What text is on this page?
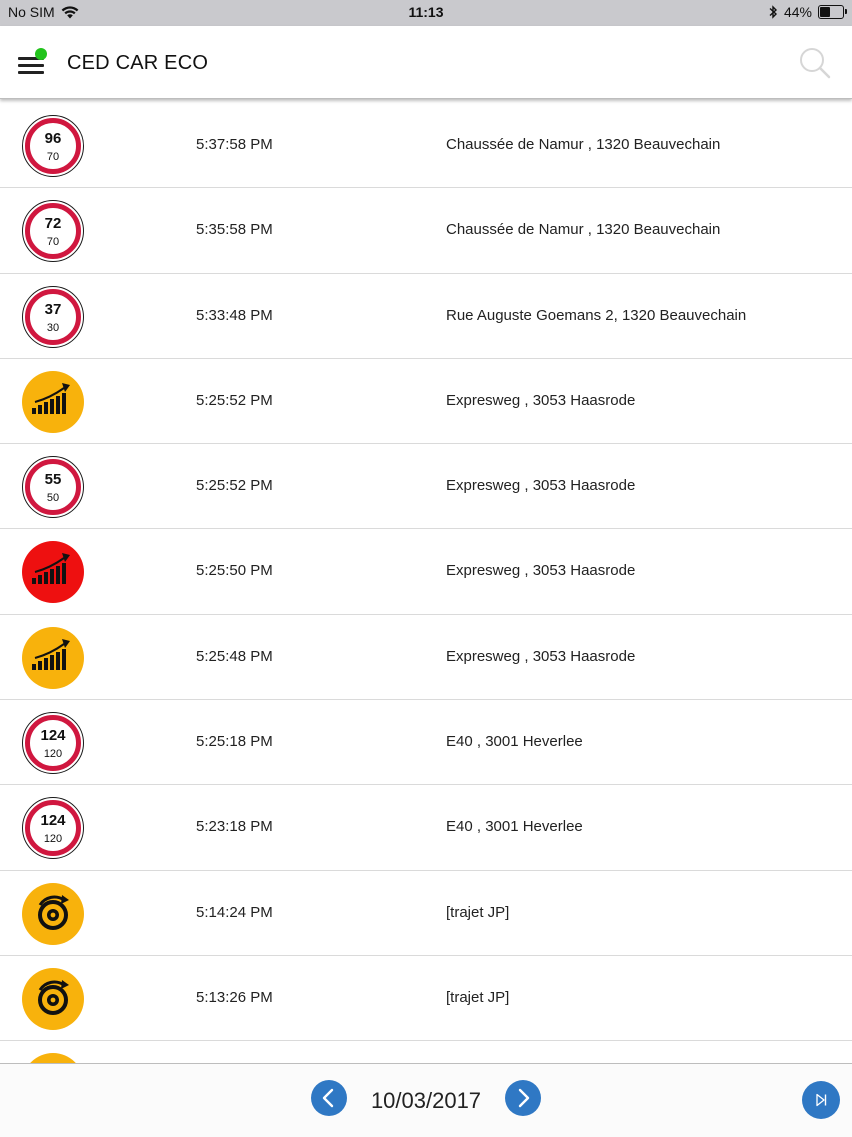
No SIM	11:13	44%
CED CAR ECO
96
70
5:37:58 PM	Chaussée de Namur , 1320 Beauvechain
72
70
5:35:58 PM	Chaussée de Namur , 1320 Beauvechain
37
30
5:33:48 PM	Rue Auguste Goemans 2, 1320 Beauvechain
5:25:52 PM	Expresweg , 3053 Haasrode
55
50
5:25:52 PM	Expresweg , 3053 Haasrode
5:25:50 PM	Expresweg , 3053 Haasrode
5:25:48 PM	Expresweg , 3053 Haasrode
124
120
5:25:18 PM	E40 , 3001 Heverlee
124
120
5:23:18 PM	E40 , 3001 Heverlee
5:14:24 PM	[trajet JP]
5:13:26 PM	[trajet JP]
10/03/2017
